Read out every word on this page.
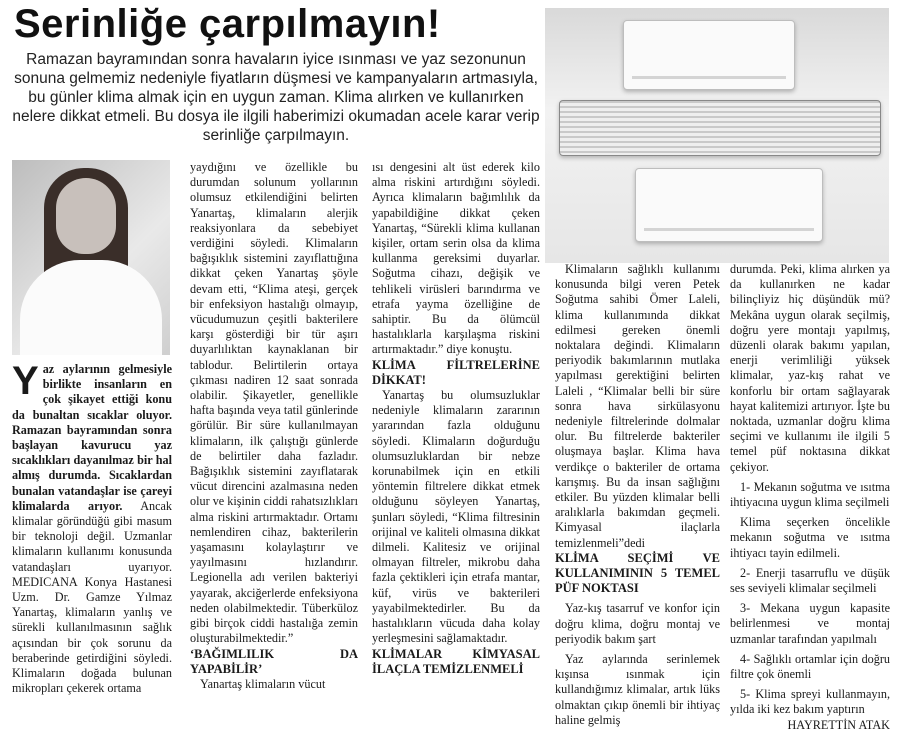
Serinliğe çarpılmayın!
Ramazan bayramından sonra havaların iyice ısınması ve yaz sezonunun sonuna gelmemiz nedeniyle fiyatların düşmesi ve kampanyaların artmasıyla, bu günler klima almak için en uygun zaman. Klima alırken ve kullanırken nelere dikkat etmeli. Bu dosya ile ilgili haberimizi okumadan acele karar verip serinliğe çarpılmayın.

Yaz aylarının gelmesiyle birlikte insanların en çok şikayet ettiği konu da bunaltan sıcaklar oluyor. Ramazan bayramından sonra başlayan kavurucu yaz sıcaklıkları dayanılmaz bir hal almış durumda. Sıcaklardan bunalan vatandaşlar ise çareyi klimalarda arıyor. Ancak klimalar göründüğü gibi masum bir teknoloji değil. Uzmanlar klimaların kullanımı konusunda vatandaşları uyarıyor. MEDICANA Konya Hastanesi Uzm. Dr. Gamze Yılmaz Yanartaş, klimaların yanlış ve sürekli kullanılmasının sağlık açısından bir çok sorunu da beraberinde getirdiğini söyledi. Klimaların doğada bulunan mikropları çekerek ortama

yaydığını ve özellikle bu durumdan solunum yollarının olumsuz etkilendiğini belirten Yanartaş, klimaların alerjik reaksiyonlara da sebebiyet verdiğini söyledi. Klimaların bağışıklık sistemini zayıflattığına dikkat çeken Yanartaş şöyle devam etti, “Klima ateşi, gerçek bir enfeksiyon hastalığı olmayıp, vücudumuzun çeşitli bakterilere karşı gösterdiği bir tür aşırı duyarlılıktan kaynaklanan bir tablodur. Belirtilerin ortaya çıkması nadiren 12 saat sonrada olabilir. Şikayetler, genellikle hafta başında veya tatil günlerinde görülür. Bir süre kullanılmayan klimaların, ilk çalıştığı günlerde de belirtiler daha fazladır. Bağışıklık sistemini zayıflatarak vücut direncini azalmasına neden olur ve kişinin ciddi rahatsızlıkları alma riskini artırmaktadır. Ortamı nemlendiren cihaz, bakterilerin yaşamasını kolaylaştırır ve yayılmasını hızlandırır. Legionella adı verilen bakteriyi yayarak, akciğerlerde enfeksiyona neden olabilmektedir. Tüberküloz gibi birçok ciddi hastalığa zemin oluşturabilmektedir.”

‘BAĞIMLILIK DA YAPABİLİR’

Yanartaş klimaların vücut

ısı dengesini alt üst ederek kilo alma riskini artırdığını söyledi. Ayrıca klimaların bağımlılık da yapabildiğine dikkat çeken Yanartaş, “Sürekli klima kullanan kişiler, ortam serin olsa da klima kullanma gereksimi duyarlar. Soğutma cihazı, değişik ve tehlikeli virüsleri barındırma ve etrafa yayma özelliğine de sahiptir. Bu da ölümcül hastalıklarla karşılaşma riskini artırmaktadır.” diye konuştu.

KLİMA FİLTRELERİNE DİKKAT!

Yanartaş bu olumsuzluklar nedeniyle klimaların zararının yararından fazla olduğunu söyledi. Klimaların doğurduğu olumsuzluklardan bir nebze korunabilmek için en etkili yöntemin filtrelere dikkat etmek olduğunu söyleyen Yanartaş, şunları söyledi, “Klima filtresinin orijinal ve kaliteli olmasına dikkat dilmeli. Kalitesiz ve orijinal olmayan filtreler, mikrobu daha fazla çektikleri için etrafa mantar, küf, virüs ve bakterileri yayabilmektedirler. Bu da hastalıkların vücuda daha kolay yerleşmesini sağlamaktadır.

KLİMALAR KİMYASAL İLAÇLA TEMİZLENMELİ

Klimaların sağlıklı kullanımı konusunda bilgi veren Petek Soğutma sahibi Ömer Laleli, klima kullanımında dikkat edilmesi gereken önemli noktalara değindi. Klimaların periyodik bakımlarının mutlaka yapılması gerektiğini belirten Laleli , “Klimalar belli bir süre sonra hava sirkülasyonu nedeniyle filtrelerinde dolmalar olur. Bu filtrelerde bakteriler oluşmaya başlar. Klima hava verdikçe o bakteriler de ortama karışmış. Bu da insan sağlığını etkiler. Bu yüzden klimalar belli aralıklarla bakımdan geçmeli. Kimyasal ilaçlarla temizlenmeli”dedi

KLİMA SEÇİMİ VE KULLANIMININ 5 TEMEL PÜF NOKTASI

Yaz-kış tasarruf ve konfor için doğru klima, doğru montaj ve periyodik bakım şart

Yaz aylarında serinlemek kışınsa ısınmak için kullandığımız klimalar, artık lüks olmaktan çıkıp önemli bir ihtiyaç haline gelmiş

durumda. Peki, klima alırken ya da kullanırken ne kadar bilinçliyiz hiç düşündük mü? Mekâna uygun olarak seçilmiş, doğru yere montajı yapılmış, düzenli olarak bakımı yapılan, enerji verimliliği yüksek klimalar, yaz-kış rahat ve konforlu bir ortam sağlayarak hayat kalitemizi artırıyor. İşte bu noktada, uzmanlar doğru klima seçimi ve kullanımı ile ilgili 5 temel püf noktasına dikkat çekiyor.

1- Mekanın soğutma ve ısıtma ihtiyacına uygun klima seçilmeli

Klima seçerken öncelikle mekanın soğutma ve ısıtma ihtiyacı tayin edilmeli.

2- Enerji tasarruflu ve düşük ses seviyeli klimalar seçilmeli

3- Mekana uygun kapasite belirlenmesi ve montaj uzmanlar tarafından yapılmalı

4- Sağlıklı ortamlar için doğru filtre çok önemli

5- Klima spreyi kullanmayın, yılda iki kez bakım yaptırın

HAYRETTİN ATAK
